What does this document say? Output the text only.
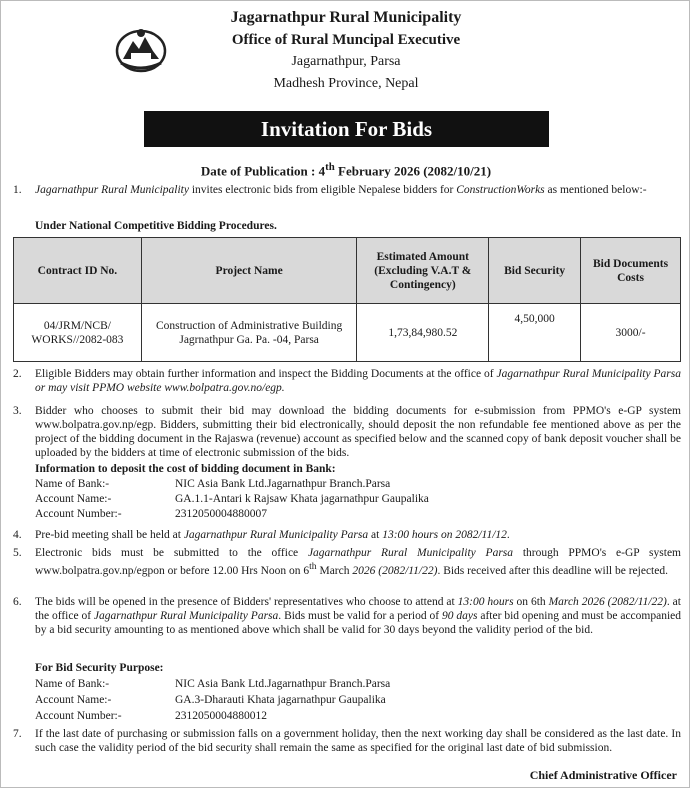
Jagarnathpur Rural Municipality
Office of Rural Muncipal Executive
Jagarnathpur, Parsa
Madhesh Province, Nepal
Invitation For Bids
Date of Publication : 4th February 2026 (2082/10/21)
1.	Jagarnathpur Rural Municipality invites electronic bids from eligible Nepalese bidders for ConstructionWorks as mentioned below:-
Under National Competitive Bidding Procedures.
Contract ID No.	Project Name	Estimated Amount (Excluding V.A.T & Contingency)	Bid Security	Bid Documents Costs
04/JRM/NCB/ WORKS//2082-083	Construction of Administrative Building Jagrnathpur Ga. Pa. -04, Parsa	1,73,84,980.52	4,50,000	3000/-
2.	Eligible Bidders may obtain further information and inspect the Bidding Documents at the office of Jagarnathpur Rural Municipality Parsa or may visit PPMO website www.bolpatra.gov.no/egp.
3.	Bidder who chooses to submit their bid may download the bidding documents for e-submission from PPMO's e-GP system www.bolpatra.gov.np/egp. Bidders, submitting their bid electronically, should deposit the non refundable fee mentioned above as per the project of the bidding document in the Rajaswa (revenue) account as specified below and the scanned copy of bank deposit voucher shall be uploaded by the bidders at time of electronic submission of the bids.
Information to deposit the cost of bidding document in Bank:
Name of Bank:-	NIC Asia Bank Ltd.Jagarnathpur Branch.Parsa
Account Name:-	GA.1.1-Antari k Rajsaw Khata jagarnathpur Gaupalika
Account Number:-	2312050004880007
4.	Pre-bid meeting shall be held at Jagarnathpur Rural Municipality Parsa at 13:00 hours on 2082/11/12.
5.	Electronic bids must be submitted to the office Jagarnathpur Rural Municipality Parsa through PPMO's e-GP system www.bolpatra.gov.np/egpon or before 12.00 Hrs Noon on 6th March 2026 (2082/11/22). Bids received after this deadline will be rejected.
6.	The bids will be opened in the presence of Bidders' representatives who choose to attend at 13:00 hours on 6th March 2026 (2082/11/22). at the office of Jagarnathpur Rural Municipality Parsa. Bids must be valid for a period of 90 days after bid opening and must be accompanied by a bid security amounting to as mentioned above which shall be valid for 30 days beyond the validity period of the bid.
For Bid Security Purpose:
Name of Bank:-	NIC Asia Bank Ltd.Jagarnathpur Branch.Parsa
Account Name:-	GA.3-Dharauti Khata jagarnathpur Gaupalika
Account Number:-	2312050004880012
7.	If the last date of purchasing or submission falls on a government holiday, then the next working day shall be considered as the last date. In such case the validity period of the bid security shall remain the same as specified for the original last date of bid submission.
Chief Administrative Officer
